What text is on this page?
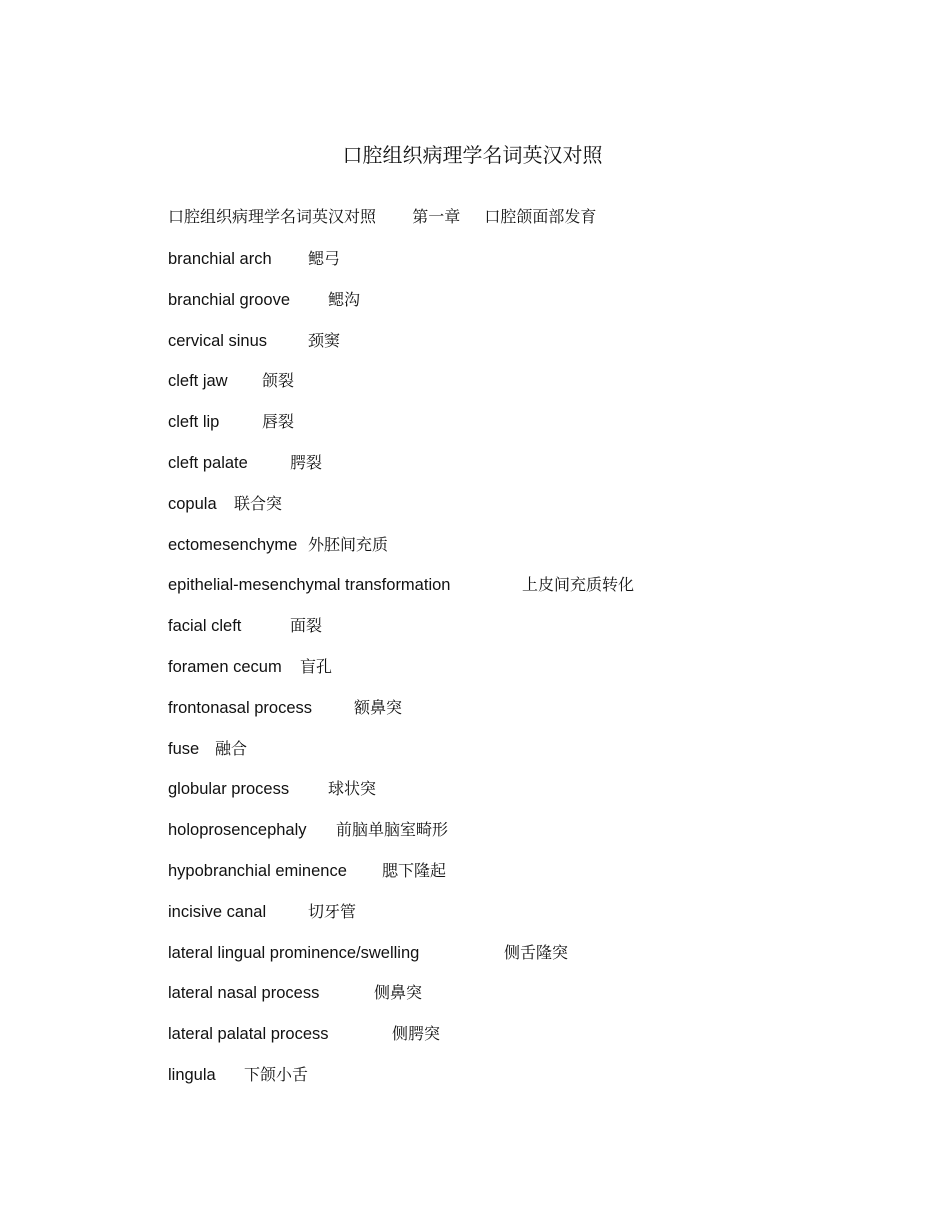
口腔组织病理学名词英汉对照
口腔组织病理学名词英汉对照 第一章 口腔颌面部发育
branchial arch 鳃弓
branchial groove 鳃沟
cervical sinus	颈窦
cleft jaw 颌裂
cleft lip	唇裂
cleft palate	腭裂
copula 联合突
ectomesenchyme 外胚间充质
epithelial-mesenchymal transformation	上皮间充质转化
facial cleft	面裂
foramen cecum 盲孔
frontonasal process	额鼻突
fuse 融合
globular process 球状突
holoprosencephaly 前脑单脑室畸形
hypobranchial eminence 腮下隆起
incisive canal	切牙管
lateral lingual prominence/swelling	侧舌隆突
lateral nasal process	侧鼻突
lateral palatal process	侧腭突
lingula 下颌小舌
